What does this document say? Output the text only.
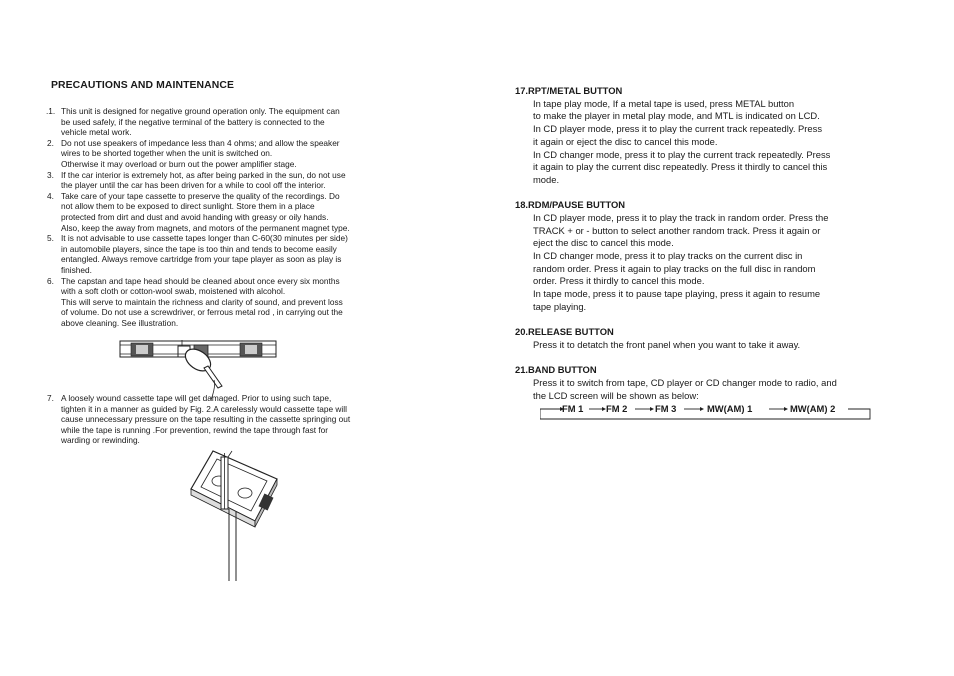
PRECAUTIONS AND MAINTENANCE
.1. This unit is designed for negative ground operation only. The equipment can

be used safely, if the negative terminal of the battery is connected to the

vehicle metal work.

2. Do not use speakers of impedance less than 4 ohms; and allow the speaker

wires to be shorted together when the unit is switched on.

Otherwise it may overload or burn out the power amplifier stage.

3. If the car interior is extremely hot, as after being parked in the sun, do not use

the player until the car has been driven for a while to cool off the interior.

4. Take care of your tape cassette to preserve the quality of the recordings. Do

not allow them to be exposed to direct sunlight. Store them in a place

protected from dirt and dust and avoid handing with greasy or oily hands.

Also, keep the away from magnets, and motors of the permanent magnet type.

5. It is not advisable to use cassette tapes longer than C-60(30 minutes per side)

in automobile players, since the tape is too thin and tends to become easily

entangled. Always remove cartridge from your tape player as soon as play is

finished.

6. The capstan and tape head should be cleaned about once every six months

with a soft cloth or cotton-wool swab, moistened with alcohol.

This will serve to maintain the richness and clarity of sound, and prevent loss

of volume. Do not use a screwdriver, or ferrous metal rod , in carrying out the

above cleaning. See illustration.

7. A loosely wound cassette tape will get damaged. Prior to using such tape,

tighten it in a manner as guided by Fig. 2.A carelessly would cassette tape will

cause unnecessary pressure on the tape resulting in the cassette springing out

while the tape is running .For prevention, rewind the tape through fast for

warding or rewinding.

17.RPT/METAL BUTTON

In tape play mode, If a metal tape is used, press METAL button

to make the player in metal play mode, and MTL is indicated on LCD.

In CD player mode, press it to play the current track repeatedly. Press

it again or eject the disc to cancel this mode.

In CD changer mode, press it to play the current track repeatedly. Press

it again to play the current disc repeatedly. Press it thirdly to cancel this

mode.

18.RDM/PAUSE BUTTON

In CD player mode, press it to play the track in random order. Press the

TRACK + or - button to select another random track. Press it again or

eject the disc to cancel this mode.

In CD changer mode, press it to play tracks on the current disc in

random order. Press it again to play tracks on the full disc in random

order. Press it thirdly to cancel this mode.

In tape mode, press it to pause tape playing, press it again to resume

tape playing.

20.RELEASE BUTTON

Press it to detatch the front panel when you want to take it away.

21.BAND BUTTON

Press it to switch from tape, CD player or CD changer mode to radio, and

the LCD screen will be shown as below:

FM 1 FM 2	FM 3	MW(AM) 1	MW(AM) 2
